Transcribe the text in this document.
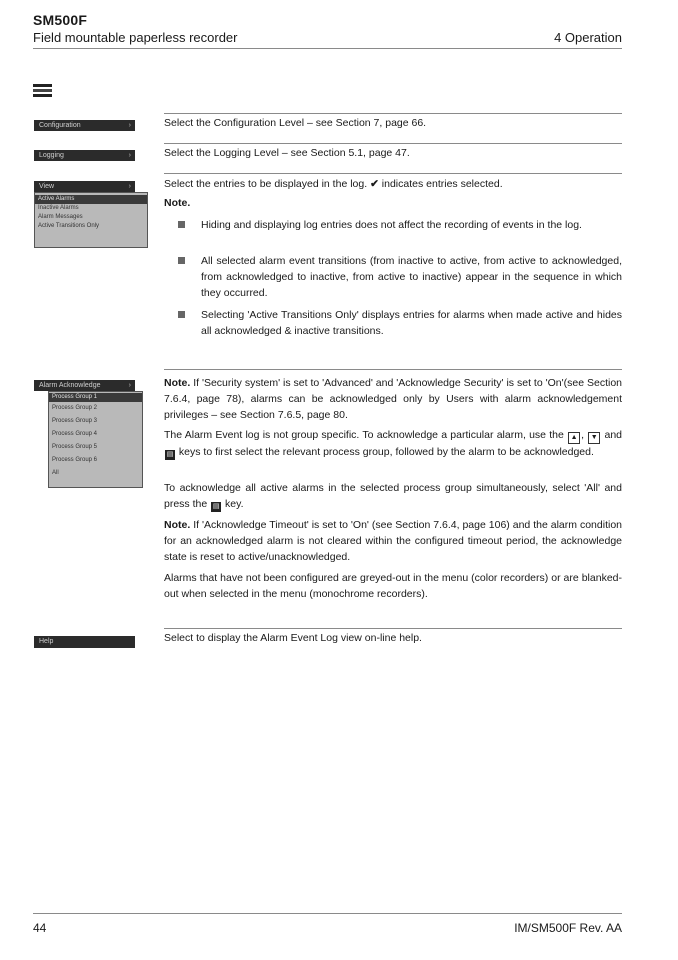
SM500F
Field mountable paperless recorder	4 Operation
Configuration	›	Select the Configuration Level – see Section 7, page 66.
Logging	›	Select the Logging Level – see Section 5.1, page 47.
View	›
Active Alarms
Inactive Alarms
Alarm Messages
Active Transitions Only
Select the entries to be displayed in the log. ✔ indicates entries selected.
Note.
Hiding and displaying log entries does not affect the recording of events in the log.
All selected alarm event transitions (from inactive to active, from active to acknowledged, from acknowledged to inactive, from active to inactive) appear in the sequence in which they occurred.
Selecting 'Active Transitions Only' displays entries for alarms when made active and hides all acknowledged & inactive transitions.
Alarm Acknowledge	›
Process Group 1
Process Group 2
Process Group 3
Process Group 4
Process Group 5
Process Group 6
All
Note. If 'Security system' is set to 'Advanced' and 'Acknowledge Security' is set to 'On'(see Section 7.6.4, page 78), alarms can be acknowledged only by Users with alarm acknowledgement privileges – see Section 7.6.5, page 80.
The Alarm Event log is not group specific. To acknowledge a particular alarm, use the ▲ , ▼ and ▤ keys to first select the relevant process group, followed by the alarm to be acknowledged.
To acknowledge all active alarms in the selected process group simultaneously, select 'All' and press the ▤ key.
Note. If 'Acknowledge Timeout' is set to 'On' (see Section 7.6.4, page 106) and the alarm condition for an acknowledged alarm is not cleared within the configured timeout period, the acknowledge state is reset to active/unacknowledged.
Alarms that have not been configured are greyed-out in the menu (color recorders) or are blanked-out when selected in the menu (monochrome recorders).
Help	Select to display the Alarm Event Log view on-line help.
44	IM/SM500F Rev. AA
